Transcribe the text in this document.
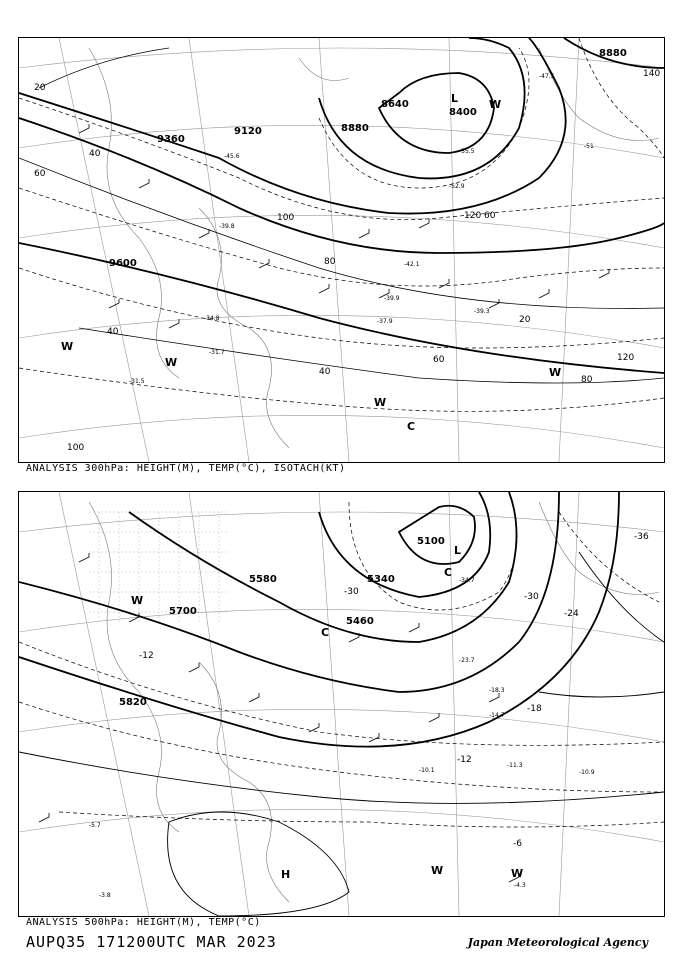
9600
9360
9120	8880
8640
8400
8880
20
40
60
80
100	120
140
40
60
80
100
20
40
60
120
-42.1
-39.9
-37.9
-34.8
-31.7
-31.5
-39.8
-45.6
-52.9
-55.5
-47.5
-51
-39.3
L
W
W
W
C
W
W
ANALYSIS 300hPa: HEIGHT(M), TEMP(°C), ISOTACH(KT)
5820
5700
5580
5460
5340
5100	-36
-30	-30
-24
-18
-12
-12
-6
-34.7
-23.7
-18.3
-14.7
-10.1
-11.3
-10.9
-4.3
-5.7
-3.8
L
C
C
W
H	W	W
ANALYSIS 500hPa: HEIGHT(M), TEMP(°C)
AUPQ35 171200UTC MAR 2023	Japan Meteorological Agency
